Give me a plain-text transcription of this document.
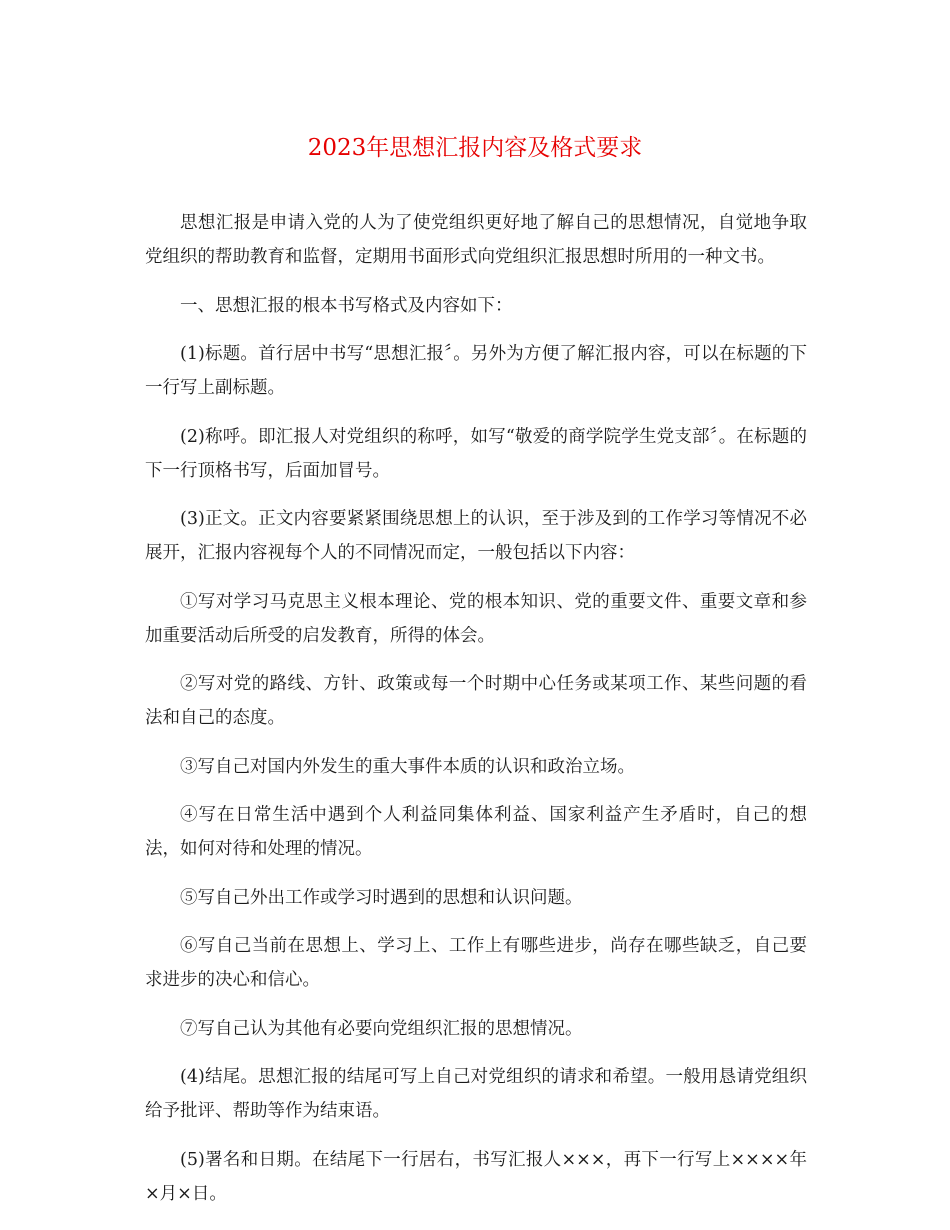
2023年思想汇报内容及格式要求

思想汇报是申请入党的人为了使党组织更好地了解自己的思想情况，自觉地争取党组织的帮助教育和监督，定期用书面形式向党组织汇报思想时所用的一种文书。

一、思想汇报的根本书写格式及内容如下：

(1)标题。首行居中书写“思想汇报〞。另外为方便了解汇报内容，可以在标题的下一行写上副标题。

(2)称呼。即汇报人对党组织的称呼，如写“敬爱的商学院学生党支部〞。在标题的下一行顶格书写，后面加冒号。

(3)正文。正文内容要紧紧围绕思想上的认识，至于涉及到的工作学习等情况不必展开，汇报内容视每个人的不同情况而定，一般包括以下内容：

①写对学习马克思主义根本理论、党的根本知识、党的重要文件、重要文章和参加重要活动后所受的启发教育，所得的体会。

②写对党的路线、方针、政策或每一个时期中心任务或某项工作、某些问题的看法和自己的态度。

③写自己对国内外发生的重大事件本质的认识和政治立场。

④写在日常生活中遇到个人利益同集体利益、国家利益产生矛盾时，自己的想法，如何对待和处理的情况。

⑤写自己外出工作或学习时遇到的思想和认识问题。

⑥写自己当前在思想上、学习上、工作上有哪些进步，尚存在哪些缺乏，自己要求进步的决心和信心。

⑦写自己认为其他有必要向党组织汇报的思想情况。

(4)结尾。思想汇报的结尾可写上自己对党组织的请求和希望。一般用恳请党组织给予批评、帮助等作为结束语。

(5)署名和日期。在结尾下一行居右，书写汇报人×××，再下一行写上××××年×月×日。
